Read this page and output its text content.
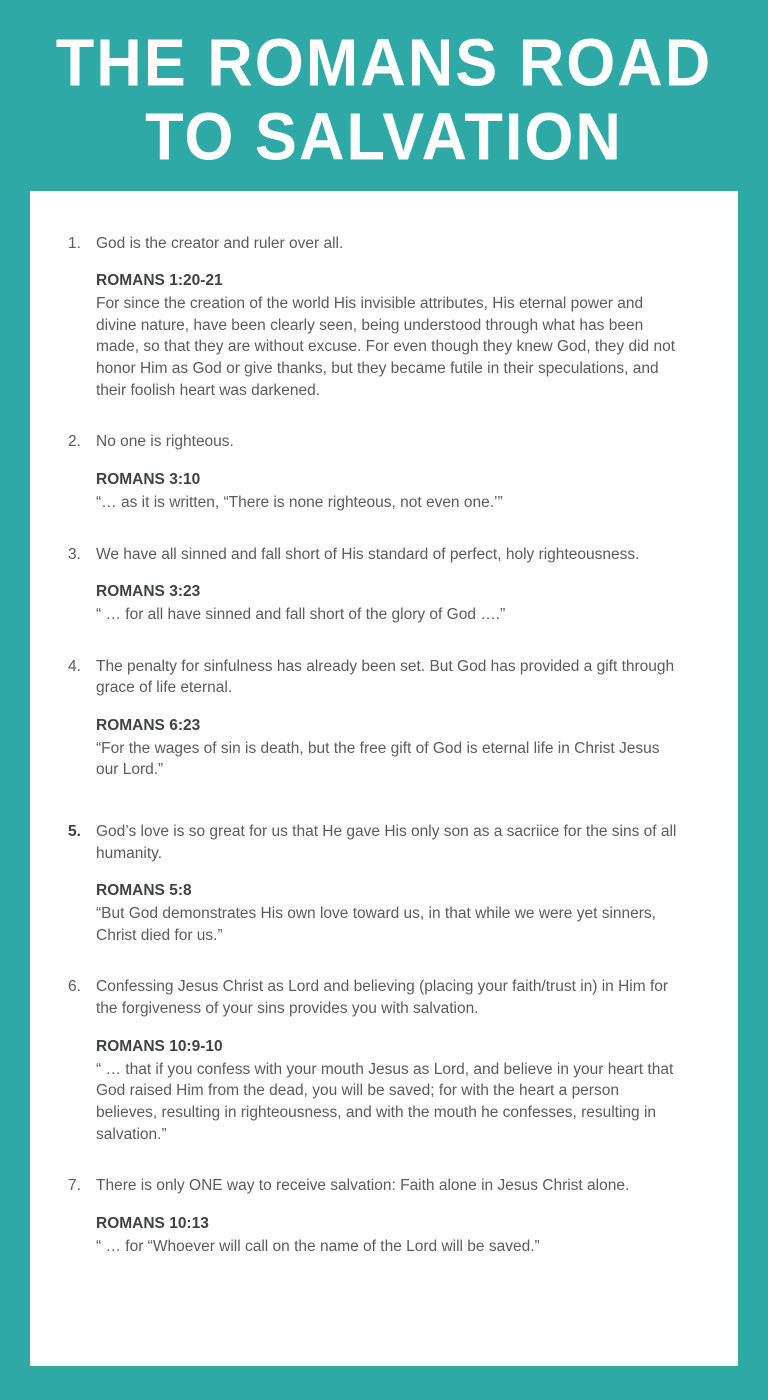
THE ROMANS ROAD
TO SALVATION
1. God is the creator and ruler over all.
ROMANS 1:20-21
For since the creation of the world His invisible attributes, His eternal power and divine nature, have been clearly seen, being understood through what has been made, so that they are without excuse. For even though they knew God, they did not honor Him as God or give thanks, but they became futile in their speculations, and their foolish heart was darkened.
2. No one is righteous.
ROMANS 3:10
“… as it is written, “There is none righteous, not even one.’”
3. We have all sinned and fall short of His standard of perfect, holy righteousness.
ROMANS 3:23
“ … for all have sinned and fall short of the glory of God ….”
4. The penalty for sinfulness has already been set. But God has provided a gift through grace of life eternal.
ROMANS 6:23
“For the wages of sin is death, but the free gift of God is eternal life in Christ Jesus our Lord.”
5. God’s love is so great for us that He gave His only son as a sacriice for the sins of all humanity.
ROMANS 5:8
“But God demonstrates His own love toward us, in that while we were yet sinners, Christ died for us.”
6. Confessing Jesus Christ as Lord and believing (placing your faith/trust in) in Him for the forgiveness of your sins provides you with salvation.
ROMANS 10:9-10
“ … that if you confess with your mouth Jesus as Lord, and believe in your heart that God raised Him from the dead, you will be saved; for with the heart a person believes, resulting in righteousness, and with the mouth he confesses, resulting in salvation.”
7. There is only ONE way to receive salvation: Faith alone in Jesus Christ alone.
ROMANS 10:13
“ … for “Whoever will call on the name of the Lord will be saved.”
